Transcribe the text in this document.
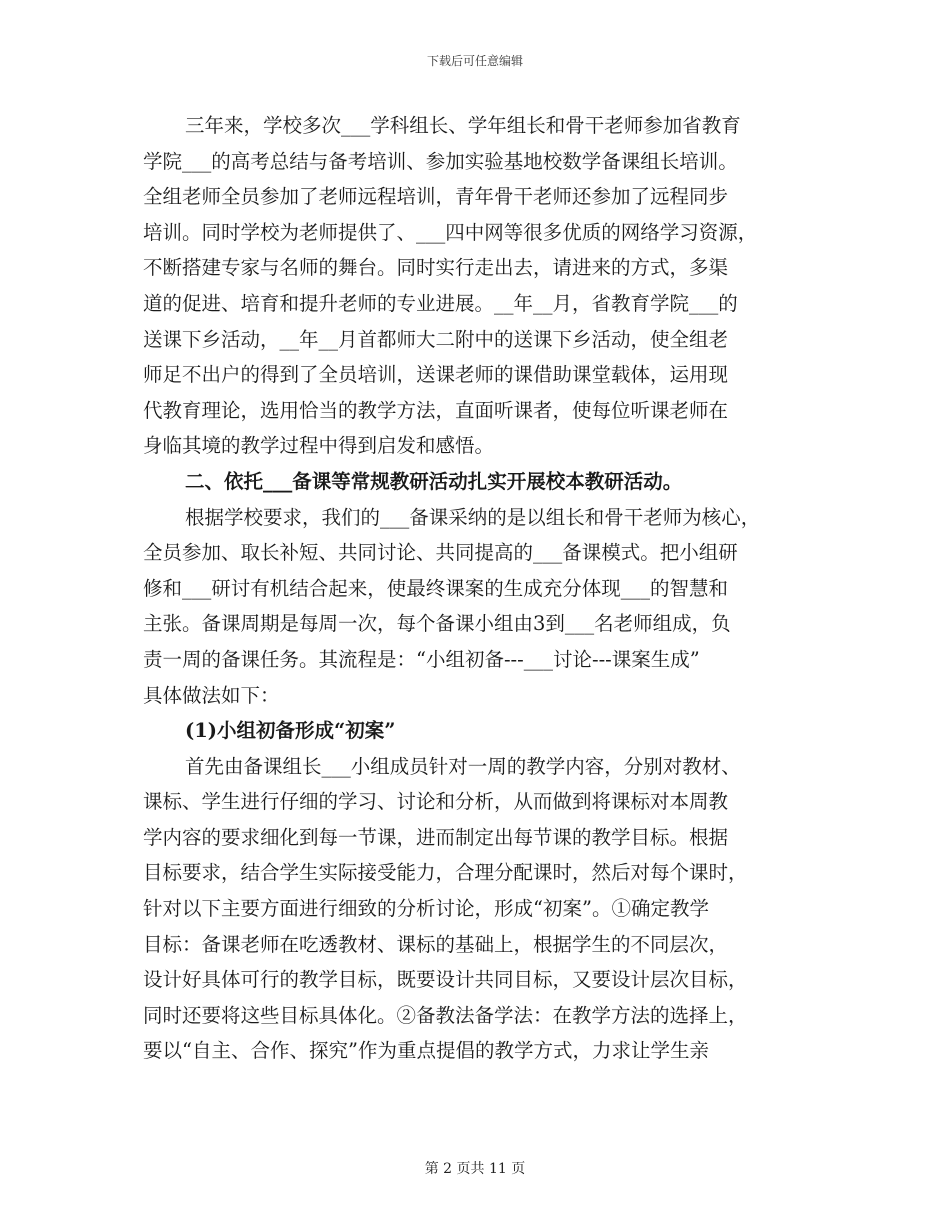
下载后可任意编辑
三年来，学校多次___学科组长、学年组长和骨干老师参加省教育
学院___的高考总结与备考培训、参加实验基地校数学备课组长培训。
全组老师全员参加了老师远程培训，青年骨干老师还参加了远程同步
培训。同时学校为老师提供了、___四中网等很多优质的网络学习资源，
不断搭建专家与名师的舞台。同时实行走出去，请进来的方式，多渠
道的促进、培育和提升老师的专业进展。__年__月，省教育学院___的
送课下乡活动，__年__月首都师大二附中的送课下乡活动，使全组老
师足不出户的得到了全员培训，送课老师的课借助课堂载体，运用现
代教育理论，选用恰当的教学方法，直面听课者，使每位听课老师在
身临其境的教学过程中得到启发和感悟。
二、依托___备课等常规教研活动扎实开展校本教研活动。
根据学校要求，我们的___备课采纳的是以组长和骨干老师为核心，
全员参加、取长补短、共同讨论、共同提高的___备课模式。把小组研
修和___研讨有机结合起来，使最终课案的生成充分体现___的智慧和
主张。备课周期是每周一次，每个备课小组由3到___名老师组成，负
责一周的备课任务。其流程是：“小组初备---___讨论---课案生成”
具体做法如下：
(1)小组初备形成“初案”
首先由备课组长___小组成员针对一周的教学内容，分别对教材、
课标、学生进行仔细的学习、讨论和分析，从而做到将课标对本周教
学内容的要求细化到每一节课，进而制定出每节课的教学目标。根据
目标要求，结合学生实际接受能力，合理分配课时，然后对每个课时，
针对以下主要方面进行细致的分析讨论，形成“初案”。①确定教学
目标：备课老师在吃透教材、课标的基础上，根据学生的不同层次，
设计好具体可行的教学目标，既要设计共同目标，又要设计层次目标，
同时还要将这些目标具体化。②备教法备学法：在教学方法的选择上，
要以“自主、合作、探究”作为重点提倡的教学方式，力求让学生亲
第 2 页共 11 页
